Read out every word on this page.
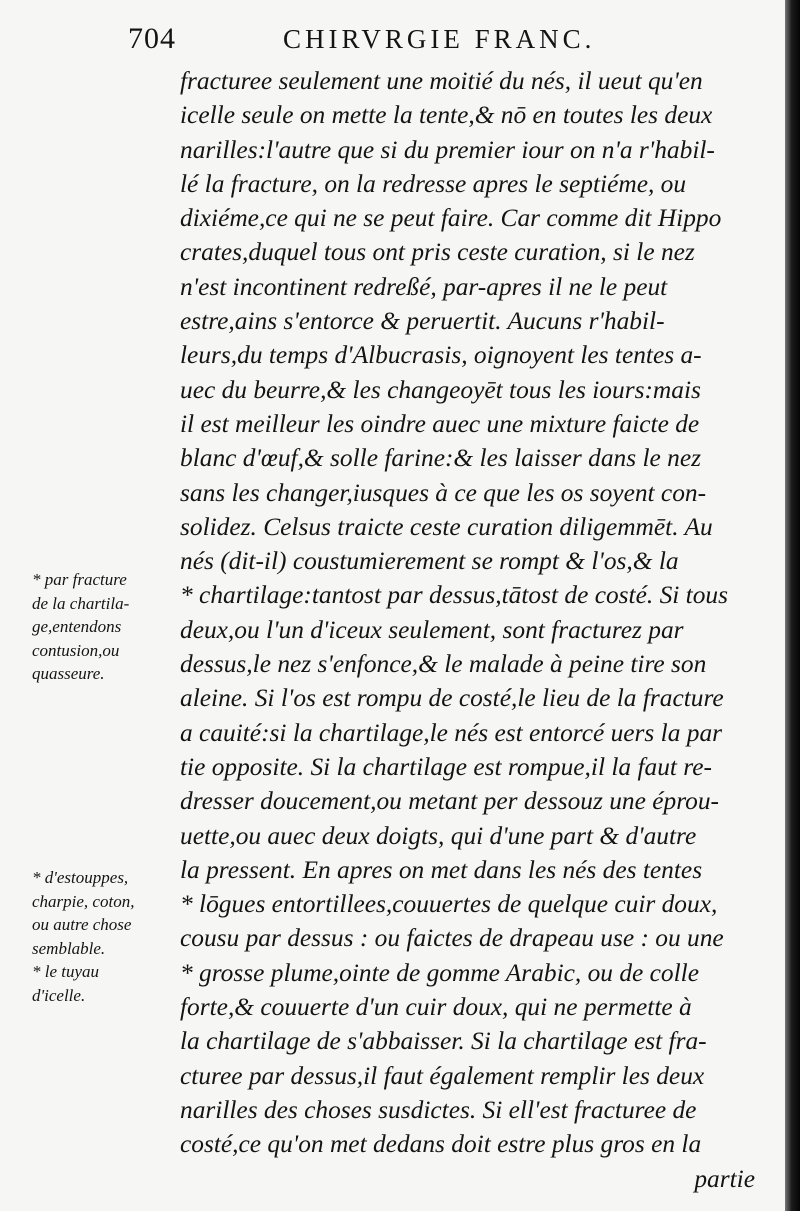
704	CHIRVRGIE FRANC.
fracturee seulement une moitié du nés, il ueut qu'en
icelle seule on mette la tente,& nō en toutes les deux
narilles:l'autre que si du premier iour on n'a r'habil-
lé la fracture, on la redresse apres le septiéme, ou
dixiéme,ce qui ne se peut faire. Car comme dit Hippo
crates,duquel tous ont pris ceste curation, si le nez
n'est incontinent redreßé, par-apres il ne le peut
estre,ains s'entorce & peruertit. Aucuns r'habil-
leurs,du temps d'Albucrasis, oignoyent les tentes a-
uec du beurre,& les changeoyēt tous les iours:mais
il est meilleur les oindre auec une mixture faicte de
blanc d'œuf,& solle farine:& les laisser dans le nez
sans les changer,iusques à ce que les os soyent con-
solidez. Celsus traicte ceste curation diligemmēt. Au
nés (dit-il) coustumierement se rompt & l'os,& la
* chartilage:tantost par dessus,tātost de costé. Si tous
deux,ou l'un d'iceux seulement, sont fracturez par
dessus,le nez s'enfonce,& le malade à peine tire son
aleine. Si l'os est rompu de costé,le lieu de la fracture
a cauité:si la chartilage,le nés est entorcé uers la par
tie opposite. Si la chartilage est rompue,il la faut re-
dresser doucement,ou metant per dessouz une éprou-
uette,ou auec deux doigts, qui d'une part & d'autre
la pressent. En apres on met dans les nés des tentes
* lōgues entortillees,couuertes de quelque cuir doux,
cousu par dessus : ou faictes de drapeau use : ou une
* grosse plume,ointe de gomme Arabic, ou de colle
forte,& couuerte d'un cuir doux, qui ne permette à
la chartilage de s'abbaisser. Si la chartilage est fra-
cturee par dessus,il faut également remplir les deux
narilles des choses susdictes. Si ell'est fracturee de
costé,ce qu'on met dedans doit estre plus gros en la
partie
* par fracture
de la chartila-
ge,entendons
contusion,ou
quasseure.
* d'estouppes,
charpie, coton,
ou autre chose
semblable.
* le tuyau
d'icelle.
